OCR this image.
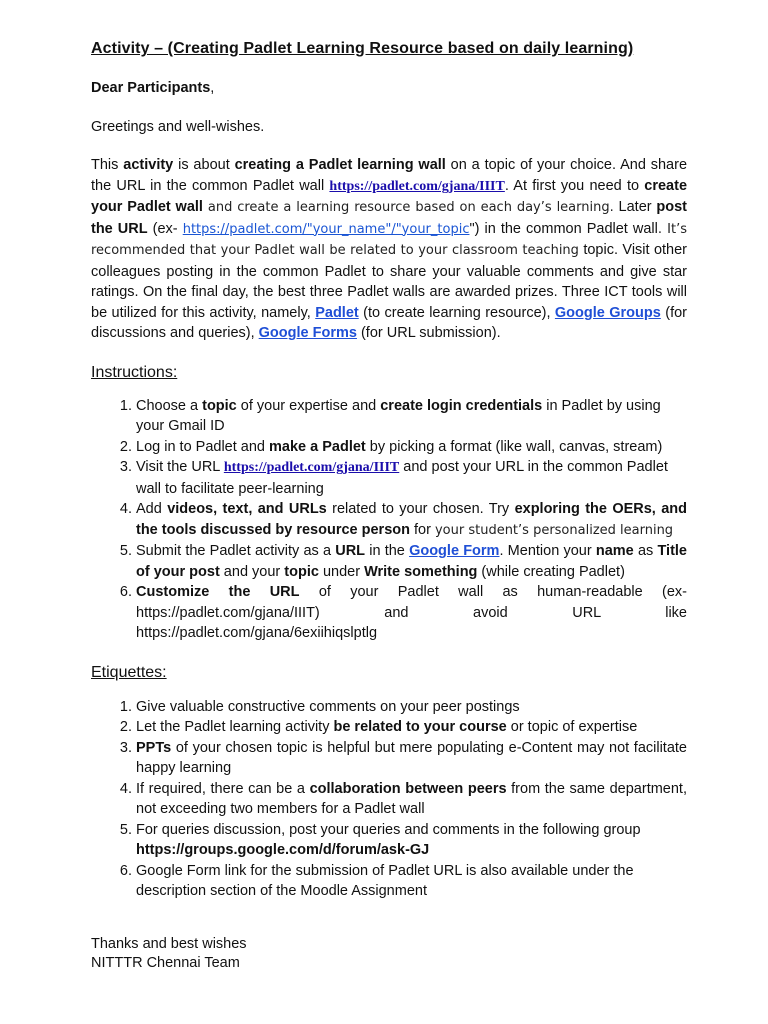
Activity – (Creating Padlet Learning Resource based on daily learning)

Dear Participants,

Greetings and well-wishes.

This activity is about creating a Padlet learning wall on a topic of your choice. And share the URL in the common Padlet wall https://padlet.com/gjana/IIIT. At first you need to create your Padlet wall and create a learning resource based on each day’s learning. Later post the URL (ex- https://padlet.com/"your_name"/"your_topic") in the common Padlet wall. It’s recommended that your Padlet wall be related to your classroom teaching topic. Visit other colleagues posting in the common Padlet to share your valuable comments and give star ratings. On the final day, the best three Padlet walls are awarded prizes. Three ICT tools will be utilized for this activity, namely, Padlet (to create learning resource), Google Groups (for discussions and queries), Google Forms (for URL submission).

Instructions:
1. Choose a topic of your expertise and create login credentials in Padlet by using your Gmail ID
2. Log in to Padlet and make a Padlet by picking a format (like wall, canvas, stream)
3. Visit the URL https://padlet.com/gjana/IIIT and post your URL in the common Padlet wall to facilitate peer-learning
4. Add videos, text, and URLs related to your chosen. Try exploring the OERs, and the tools discussed by resource person for your student’s personalized learning
5. Submit the Padlet activity as a URL in the Google Form. Mention your name as Title of your post and your topic under Write something (while creating Padlet)
6. Customize the URL of your Padlet wall as human-readable (ex-https://padlet.com/gjana/IIIT) and avoid URL like https://padlet.com/gjana/6exiihiqslptlg
Etiquettes:
1. Give valuable constructive comments on your peer postings
2. Let the Padlet learning activity be related to your course or topic of expertise
3. PPTs of your chosen topic is helpful but mere populating e-Content may not facilitate happy learning
4. If required, there can be a collaboration between peers from the same department, not exceeding two members for a Padlet wall
5. For queries discussion, post your queries and comments in the following group https://groups.google.com/d/forum/ask-GJ
6. Google Form link for the submission of Padlet URL is also available under the description section of the Moodle Assignment
Thanks and best wishes
NITTTR Chennai Team
